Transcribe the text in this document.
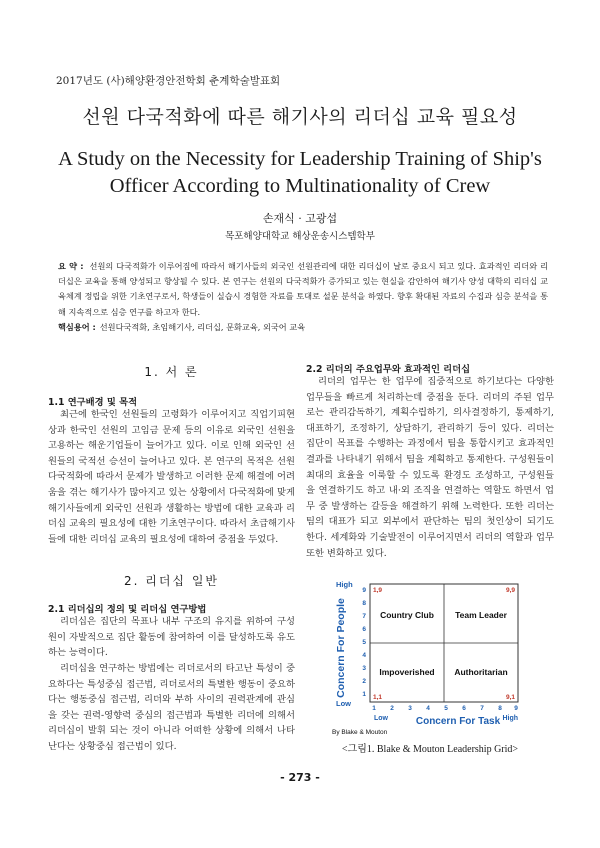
2017년도 (사)해양환경안전학회 춘계학술발표회
선원 다국적화에 따른 해기사의 리더십 교육 필요성
A Study on the Necessity for Leadership Training of Ship's Officer According to Multinationality of Crew
손재식 · 고광섭
목포해양대학교 해상운송시스템학부
요 약 : 선원의 다국적화가 이루어짐에 따라서 해기사들의 외국인 선원관리에 대한 리더십이 날로 중요시 되고 있다. 효과적인 리더와 리더십은 교육을 통해 양성되고 향상될 수 있다. 본 연구는 선원의 다국적화가 증가되고 있는 현실을 감안하여 해기사 양성 대학의 리더십 교육체계 정립을 위한 기초연구로서, 학생들이 실습시 경험한 자료를 토대로 설문 분석을 하였다. 향후 확대된 자료의 수집과 심층 분석을 통해 지속적으로 심층 연구를 하고자 한다.
핵심용어 : 선원다국적화, 초임해기사, 리더십, 문화교육, 외국어 교육
1. 서 론
1.1 연구배경 및 목적
최근에 한국인 선원들의 고령화가 이루어지고 직업기피현상과 한국인 선원의 고임금 문제 등의 이유로 외국인 선원을 고용하는 해운기업들이 늘어가고 있다. 이로 인해 외국인 선원들의 국적선 승선이 늘어나고 있다. 본 연구의 목적은 선원 다국적화에 따라서 문제가 발생하고 이러한 문제 해결에 어려움을 겪는 해기사가 많아지고 있는 상황에서 다국적화에 맞게 해기사들에게 외국인 선원과 생활하는 방법에 대한 교육과 리더십 교육의 필요성에 대한 기초연구이다. 따라서 초급해기사들에 대한 리더십 교육의 필요성에 대하여 중점을 두었다.
2. 리더십 일반
2.1 리더십의 정의 및 리더십 연구방법
리더십은 집단의 목표나 내부 구조의 유지를 위하여 구성원이 자발적으로 집단 활동에 참여하여 이를 달성하도록 유도하는 능력이다.
리더십을 연구하는 방법에는 리더로서의 타고난 특성이 중요하다는 특성중심 접근법, 리더로서의 특별한 행동이 중요하다는 행동중심 접근법, 리더와 부하 사이의 권력관계에 관심을 갖는 권력-영향력 중심의 접근법과 특별한 리더에 의해서 리더십이 발휘 되는 것이 아니라 어떠한 상황에 의해서 나타난다는 상황중심 접근법이 있다.
2.2 리더의 주요업무와 효과적인 리더십
리더의 업무는 한 업무에 집중적으로 하기보다는 다양한 업무들을 빠르게 처리하는데 중점을 둔다. 리더의 주된 업무로는 관리감독하기, 계획수립하기, 의사결정하기, 통제하기, 대표하기, 조정하기, 상담하기, 관리하기 등이 있다. 리더는 집단이 목표를 수행하는 과정에서 팀을 통합시키고 효과적인 결과를 나타내기 위해서 팀을 계획하고 통제한다. 구성원들이 최대의 효율을 이룩할 수 있도록 환경도 조성하고, 구성원들을 연결하기도 하고 내·외 조직을 연결하는 역할도 하면서 업무 중 발생하는 갈등을 해결하기 위해 노력한다. 또한 리더는 팀의 대표가 되고 외부에서 판단하는 팀의 첫인상이 되기도 한다. 세계화와 기술발전이 이루어지면서 리더의 역할과 업무 또한 변화하고 있다.
Concern For People
High
Low
9
8
7
6
5
4
3
2
1
1,9	9,9
1,1	9,1
Country Club Team Leader
Impoverished Authoritarian
1 2 3 4 5 6 7 8 9
Low	High
Concern For Task
By Blake & Mouton
<그림1. Blake & Mouton Leadership Grid>
- 273 -
